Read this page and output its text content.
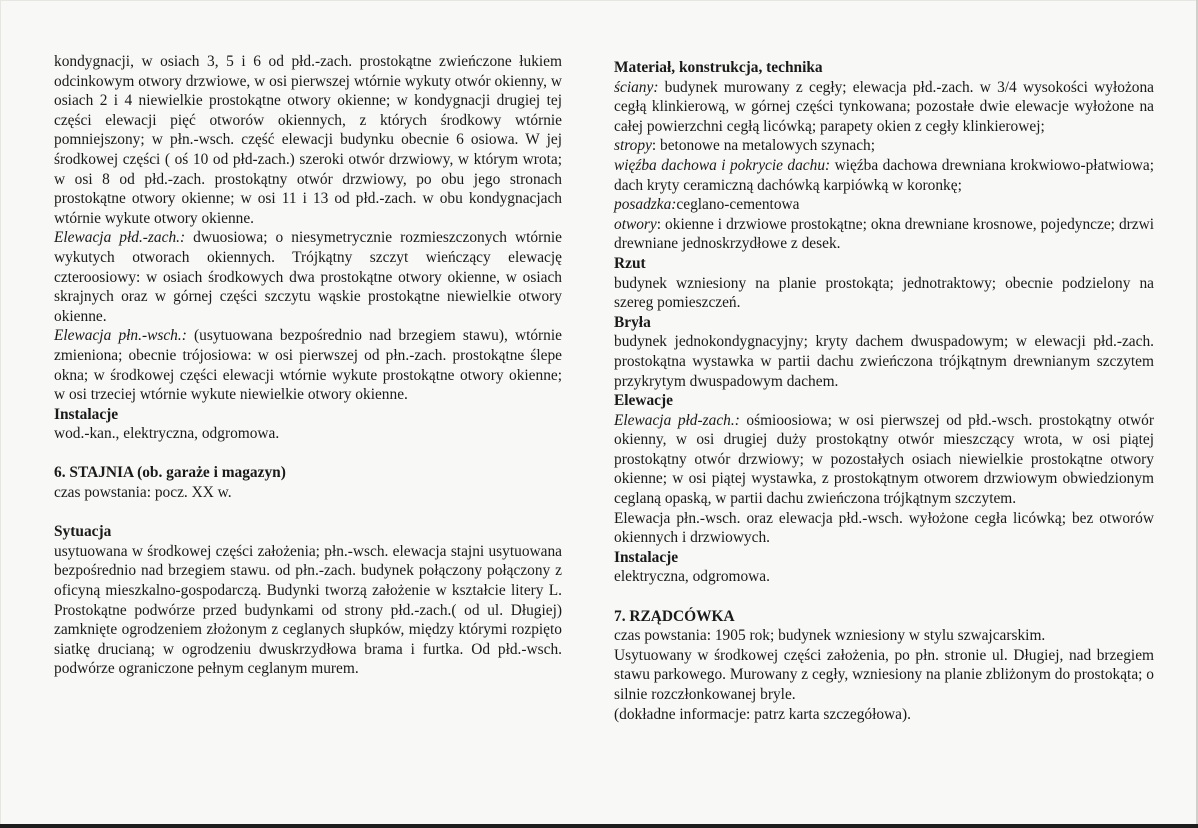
kondygnacji, w osiach 3, 5 i 6 od płd.-zach. prostokątne zwieńczone łukiem odcinkowym otwory drzwiowe, w osi pierwszej wtórnie wykuty otwór okienny, w osiach 2 i 4 niewielkie prostokątne otwory okienne; w kondygnacji drugiej tej części elewacji pięć otworów okiennych, z których środkowy wtórnie pomniejszony; w płn.-wsch. część elewacji budynku obecnie 6 osiowa. W jej środkowej części ( oś 10 od płd-zach.) szeroki otwór drzwiowy, w którym wrota; w osi 8 od płd.-zach. prostokątny otwór drzwiowy, po obu jego stronach prostokątne otwory okienne; w osi 11 i 13 od płd.-zach. w obu kondygnacjach wtórnie wykute otwory okienne.

Elewacja płd.-zach.: dwuosiowa; o niesymetrycznie rozmieszczonych wtórnie wykutych otworach okiennych. Trójkątny szczyt wieńczący elewację czteroosiowy: w osiach środkowych dwa prostokątne otwory okienne, w osiach skrajnych oraz w górnej części szczytu wąskie prostokątne niewielkie otwory okienne.

Elewacja płn.-wsch.: (usytuowana bezpośrednio nad brzegiem stawu), wtórnie zmieniona; obecnie trójosiowa: w osi pierwszej od płn.-zach. prostokątne ślepe okna; w środkowej części elewacji wtórnie wykute prostokątne otwory okienne; w osi trzeciej wtórnie wykute niewielkie otwory okienne.

Instalacje

wod.-kan., elektryczna, odgromowa.

6. STAJNIA (ob. garaże i magazyn)

czas powstania: pocz. XX w.

Sytuacja

usytuowana w środkowej części założenia; płn.-wsch. elewacja stajni usytuowana bezpośrednio nad brzegiem stawu. od płn.-zach. budynek połączony połączony z oficyną mieszkalno-gospodarczą. Budynki tworzą założenie w kształcie litery L. Prostokątne podwórze przed budynkami od strony płd.-zach.( od ul. Długiej) zamknięte ogrodzeniem złożonym z ceglanych słupków, między którymi rozpięto siatkę drucianą; w ogrodzeniu dwuskrzydłowa brama i furtka. Od płd.-wsch. podwórze ograniczone pełnym ceglanym murem.

Materiał, konstrukcja, technika

ściany: budynek murowany z cegły; elewacja płd.-zach. w 3/4 wysokości wyłożona cegłą klinkierową, w górnej części tynkowana; pozostałe dwie elewacje wyłożone na całej powierzchni cegłą licówką; parapety okien z cegły klinkierowej;

stropy: betonowe na metalowych szynach;

więźba dachowa i pokrycie dachu: więźba dachowa drewniana krokwiowo-płatwiowa; dach kryty ceramiczną dachówką karpiówką w koronkę;

posadzka:ceglano-cementowa

otwory: okienne i drzwiowe prostokątne; okna drewniane krosnowe, pojedyncze; drzwi drewniane jednoskrzydłowe z desek.

Rzut

budynek wzniesiony na planie prostokąta; jednotraktowy; obecnie podzielony na szereg pomieszczeń.

Bryła

budynek jednokondygnacyjny; kryty dachem dwuspadowym; w elewacji płd.-zach. prostokątna wystawka w partii dachu zwieńczona trójkątnym drewnianym szczytem przykrytym dwuspadowym dachem.

Elewacje

Elewacja płd-zach.: ośmioosiowa; w osi pierwszej od płd.-wsch. prostokątny otwór okienny, w osi drugiej duży prostokątny otwór mieszczący wrota, w osi piątej prostokątny otwór drzwiowy; w pozostałych osiach niewielkie prostokątne otwory okienne; w osi piątej wystawka, z prostokątnym otworem drzwiowym obwiedzionym ceglaną opaską, w partii dachu zwieńczona trójkątnym szczytem.

Elewacja płn.-wsch. oraz elewacja płd.-wsch. wyłożone cegła licówką; bez otworów okiennych i drzwiowych.

Instalacje

elektryczna, odgromowa.

7. RZĄDCÓWKA

czas powstania: 1905 rok; budynek wzniesiony w stylu szwajcarskim.

Usytuowany w środkowej części założenia, po płn. stronie ul. Długiej, nad brzegiem stawu parkowego. Murowany z cegły, wzniesiony na planie zbliżonym do prostokąta; o silnie rozczłonkowanej bryle.

(dokładne informacje: patrz karta szczegółowa).
